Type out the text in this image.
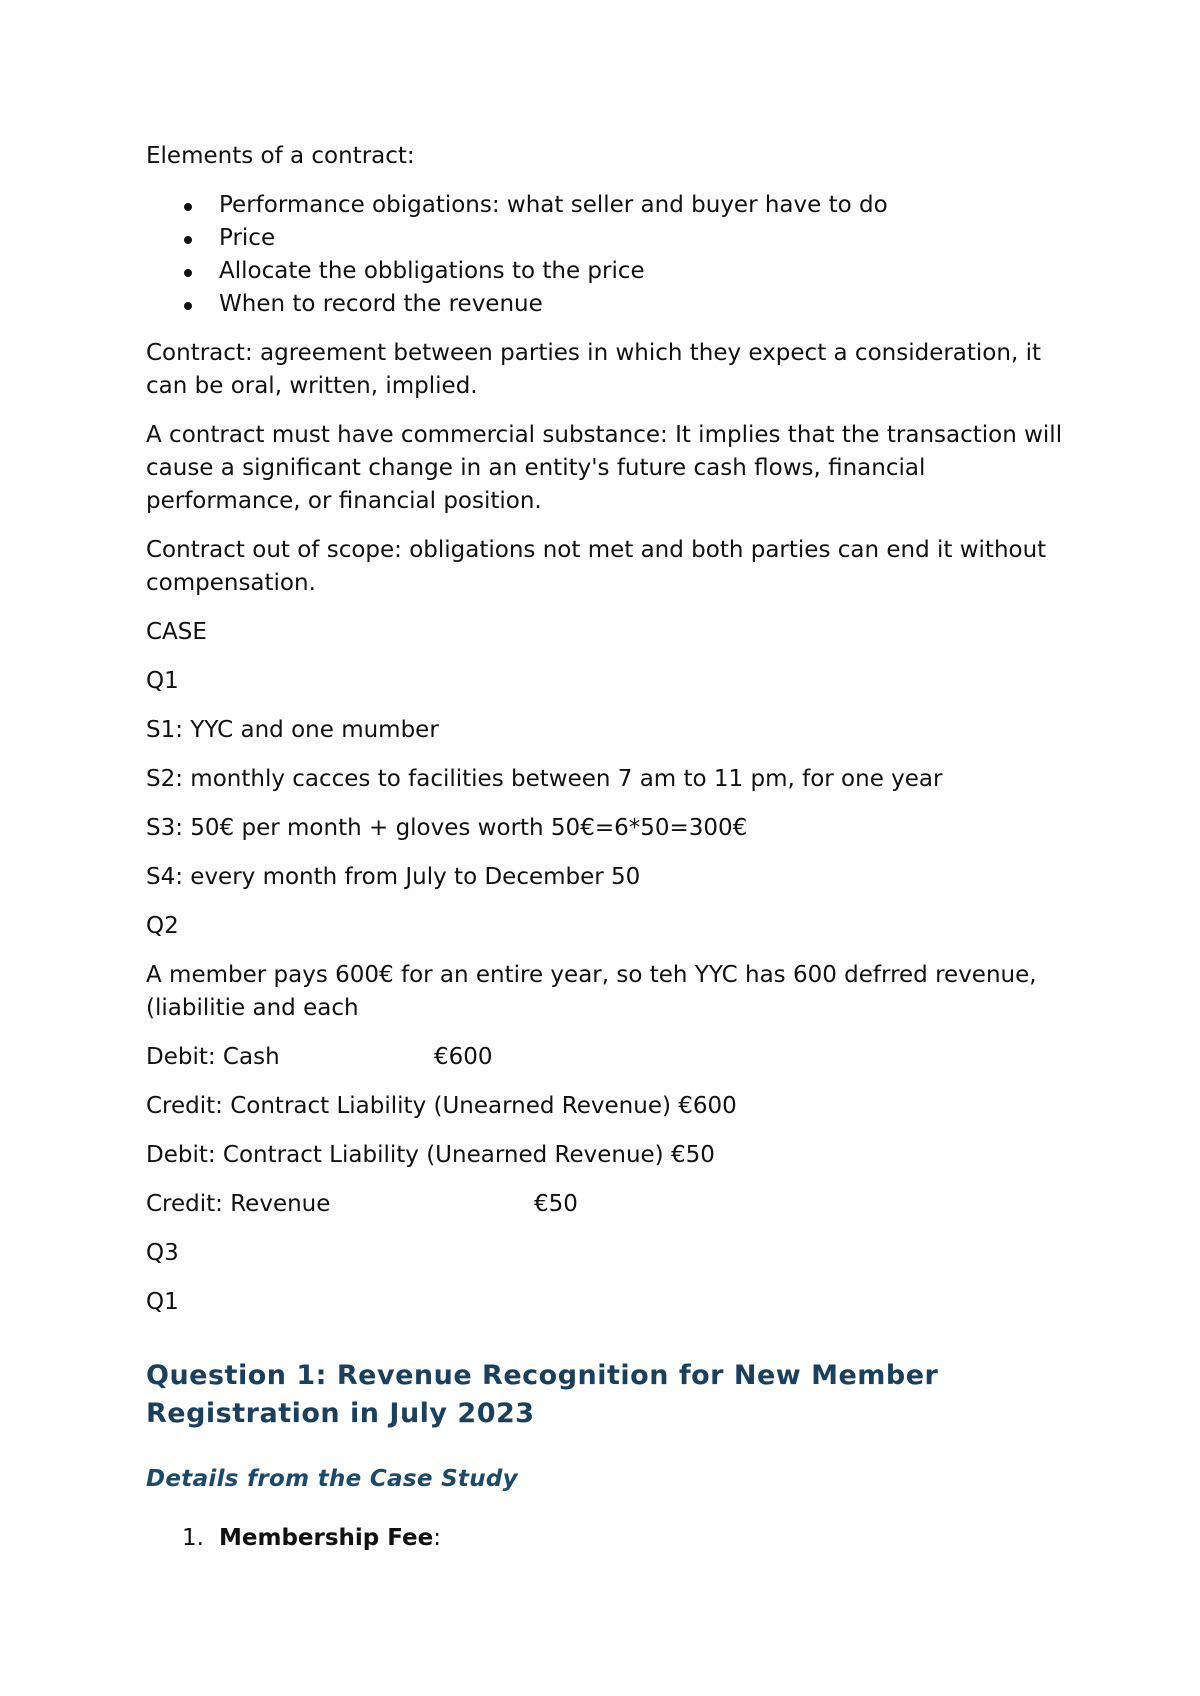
Elements of a contract:

Performance obigations: what seller and buyer have to do
Price
Allocate the obbligations to the price
When to record the revenue

Contract: agreement between parties in which they expect a consideration, it can be oral, written, implied.

A contract must have commercial substance: It implies that the transaction will cause a significant change in an entity's future cash flows, financial performance, or financial position.

Contract out of scope: obligations not met and both parties can end it without compensation.

CASE

Q1

S1: YYC and one mumber

S2: monthly cacces to facilities between 7 am to 11 pm, for one year

S3: 50€ per month + gloves worth 50€=6*50=300€

S4: every month from July to December 50

Q2

A member pays 600€ for an entire year, so teh YYC has 600 defrred revenue, (liabilitie and each

Debit: Cash	€600

Credit: Contract Liability (Unearned Revenue) €600

Debit: Contract Liability (Unearned Revenue) €50

Credit: Revenue	€50

Q3

Q1

Question 1: Revenue Recognition for New Member Registration in July 2023
Details from the Case Study
1. Membership Fee:
